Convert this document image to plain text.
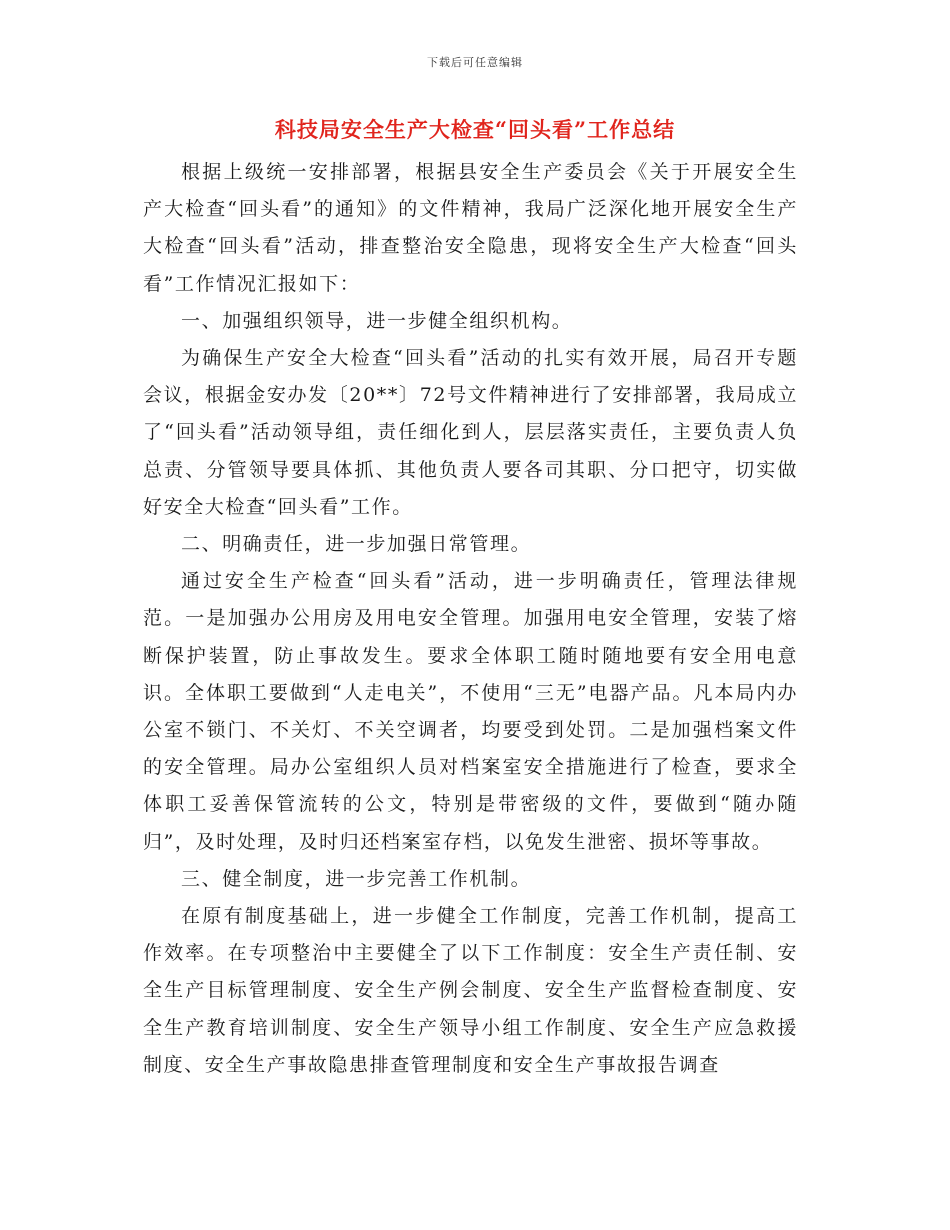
下载后可任意编辑
科技局安全生产大检查“回头看”工作总结

根据上级统一安排部署，根据县安全生产委员会《关于开展安全生产大检查“回头看”的通知》的文件精神，我局广泛深化地开展安全生产大检查“回头看”活动，排查整治安全隐患，现将安全生产大检查“回头看”工作情况汇报如下：

一、加强组织领导，进一步健全组织机构。

为确保生产安全大检查“回头看”活动的扎实有效开展，局召开专题会议，根据金安办发〔20**〕72号文件精神进行了安排部署，我局成立了“回头看”活动领导组，责任细化到人，层层落实责任，主要负责人负总责、分管领导要具体抓、其他负责人要各司其职、分口把守，切实做好安全大检查“回头看”工作。

二、明确责任，进一步加强日常管理。

通过安全生产检查“回头看”活动，进一步明确责任，管理法律规范。一是加强办公用房及用电安全管理。加强用电安全管理，安装了熔断保护装置，防止事故发生。要求全体职工随时随地要有安全用电意识。全体职工要做到“人走电关”，不使用“三无”电器产品。凡本局内办公室不锁门、不关灯、不关空调者，均要受到处罚。二是加强档案文件的安全管理。局办公室组织人员对档案室安全措施进行了检查，要求全体职工妥善保管流转的公文，特别是带密级的文件，要做到“随办随归”，及时处理，及时归还档案室存档，以免发生泄密、损坏等事故。

三、健全制度，进一步完善工作机制。

在原有制度基础上，进一步健全工作制度，完善工作机制，提高工作效率。在专项整治中主要健全了以下工作制度：安全生产责任制、安全生产目标管理制度、安全生产例会制度、安全生产监督检查制度、安全生产教育培训制度、安全生产领导小组工作制度、安全生产应急救援制度、安全生产事故隐患排查管理制度和安全生产事故报告调查
